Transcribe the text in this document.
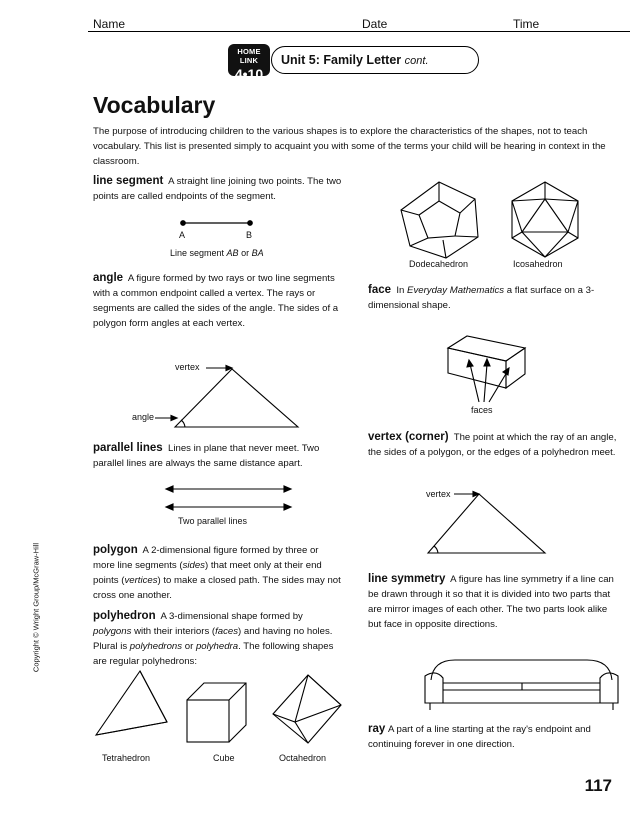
Name	Date	Time
HOME LINK
4•10
Unit 5: Family Letter cont.
Vocabulary
The purpose of introducing children to the various shapes is to explore the characteristics of the shapes, not to teach vocabulary. This list is presented simply to acquaint you with some of the terms your child will be hearing in context in the classroom.
line segment A straight line joining two points. The two points are called endpoints of the segment.
A	B
Line segment AB or BA
angle A figure formed by two rays or two line segments with a common endpoint called a vertex. The rays or segments are called the sides of the angle. The sides of a polygon form angles at each vertex.
vertex
angle
parallel lines Lines in plane that never meet. Two parallel lines are always the same distance apart.
Two parallel lines
polygon A 2-dimensional figure formed by three or more line segments (sides) that meet only at their end points (vertices) to make a closed path. The sides may not cross one another.
polyhedron A 3-dimensional shape formed by polygons with their interiors (faces) and having no holes. Plural is polyhedrons or polyhedra. The following shapes are regular polyhedrons:
Tetrahedron	Cube	Octahedron
Dodecahedron	Icosahedron
face In Everyday Mathematics a flat surface on a 3-dimensional shape.
faces
vertex (corner) The point at which the ray of an angle, the sides of a polygon, or the edges of a polyhedron meet.
vertex
line symmetry A figure has line symmetry if a line can be drawn through it so that it is divided into two parts that are mirror images of each other. The two parts look alike but face in opposite directions.
ray A part of a line starting at the ray's endpoint and continuing forever in one direction.
Copyright © Wright Group/McGraw-Hill
117
